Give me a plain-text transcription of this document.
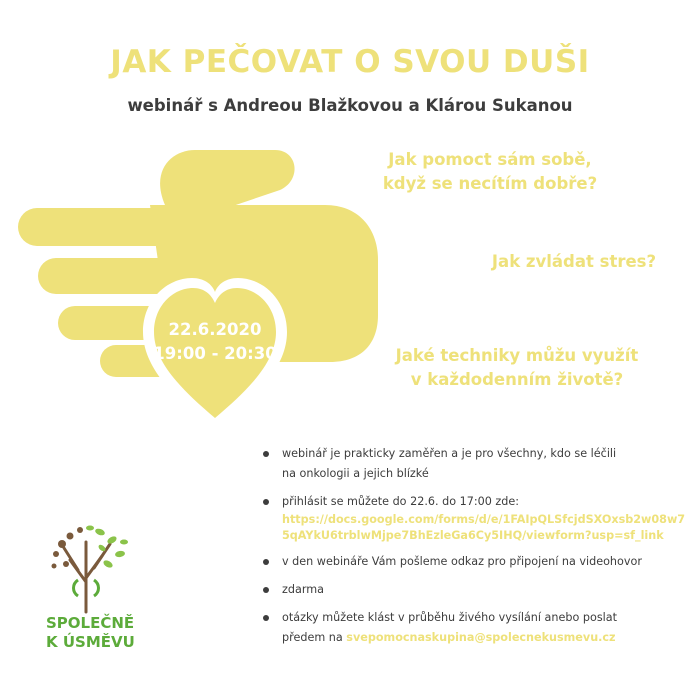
JAK PEČOVAT O SVOU DUŠI
webinář s Andreou Blažkovou a Klárou Sukanou
22.6.2020
19:00 - 20:30
Jak pomoct sám sobě,
když se necítím dobře?
Jak zvládat stres?
Jaké techniky můžu využít
v každodenním životě?
webinář je prakticky zaměřen a je pro všechny, kdo se léčili
na onkologii a jejich blízké
přihlásit se můžete do 22.6. do 17:00 zde:
https://docs.google.com/forms/d/e/1FAIpQLSfcjdSXOxsb2w08w75qAYkU6trblwMjpe7BhEzleGa6Cy5IHQ/viewform?usp=sf_link
v den webináře Vám pošleme odkaz pro připojení na videohovor
zdarma
otázky můžete klást v průběhu živého vysílání anebo poslat
předem na svepomocnaskupina@spolecnekusmevu.cz
SPOLEČNĚ
K ÚSMĚVU
